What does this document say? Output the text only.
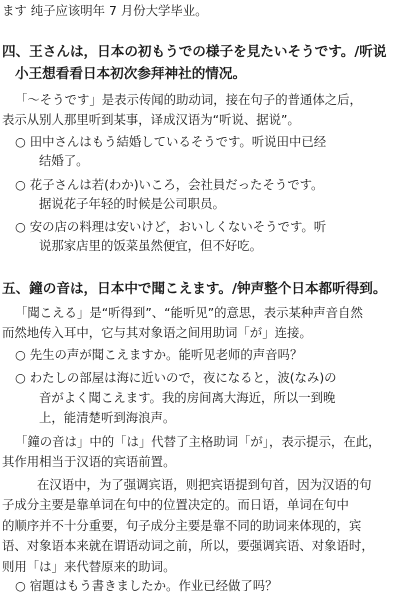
ます 纯子应该明年 7 月份大学毕业。
四、王さんは，日本の初もうでの様子を見たいそうです。/听说
小王想看看日本初次参拜神社的情况。
「～そうです」是表示传闻的助动词，接在句子的普通体之后，
表示从别人那里听到某事，译成汉语为“听说、据说”。
○ 田中さんはもう結婚しているそうです。听说田中已经
结婚了。
○ 花子さんは若(わか)いころ，会社員だったそうです。
据说花子年轻的时候是公司职员。
○ 安の店の料理は安いけど，おいしくないそうです。听
说那家店里的饭菜虽然便宜，但不好吃。
五、鐘の音は，日本中で聞こえます。/钟声整个日本都听得到。
「聞こえる」是“听得到”、“能听见”的意思，表示某种声音自然
而然地传入耳中，它与其对象语之间用助词「が」连接。
○ 先生の声が聞こえますか。能听见老师的声音吗？
○ わたしの部屋は海に近いので，夜になると，波(なみ)の
音がよく聞こえます。我的房间离大海近，所以一到晚
上，能清楚听到海浪声。
「鐘の音は」中的「は」代替了主格助词「が」，表示提示，在此，
其作用相当于汉语的宾语前置。
在汉语中，为了强调宾语，则把宾语提到句首，因为汉语的句
子成分主要是靠单词在句中的位置决定的。而日语，单词在句中
的顺序并不十分重要，句子成分主要是靠不同的助词来体现的，宾
语、对象语本来就在谓语动词之前，所以，要强调宾语、对象语时，
则用「は」来代替原来的助词。
○ 宿題はもう書きましたか。作业已经做了吗？
